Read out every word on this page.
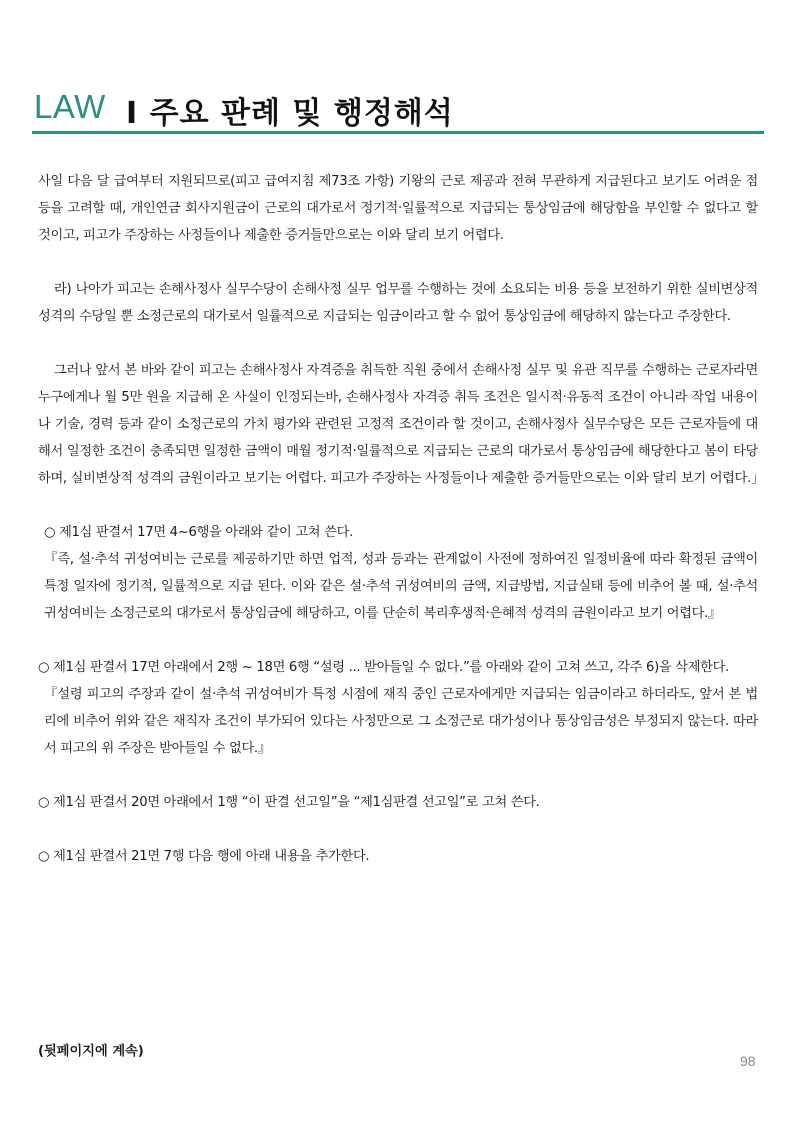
LAW I 주요 판례 및 행정해석

사일 다음 달 급여부터 지원되므로(피고 급여지침 제73조 가항) 기왕의 근로 제공과 전혀 무관하게 지급된다고 보기도 어려운 점 등을 고려할 때, 개인연금 회사지원금이 근로의 대가로서 정기적·일률적으로 지급되는 통상임금에 해당함을 부인할 수 없다고 할 것이고, 피고가 주장하는 사정들이나 제출한 증거들만으로는 이와 달리 보기 어렵다.

라) 나아가 피고는 손해사정사 실무수당이 손해사정 실무 업무를 수행하는 것에 소요되는 비용 등을 보전하기 위한 실비변상적 성격의 수당일 뿐 소정근로의 대가로서 일률적으로 지급되는 임금이라고 할 수 없어 통상임금에 해당하지 않는다고 주장한다.

그러나 앞서 본 바와 같이 피고는 손해사정사 자격증을 취득한 직원 중에서 손해사정 실무 및 유관 직무를 수행하는 근로자라면 누구에게나 월 5만 원을 지급해 온 사실이 인정되는바, 손해사정사 자격증 취득 조건은 일시적·유동적 조건이 아니라 작업 내용이나 기술, 경력 등과 같이 소정근로의 가치 평가와 관련된 고정적 조건이라 할 것이고, 손해사정사 실무수당은 모든 근로자들에 대해서 일정한 조건이 충족되면 일정한 금액이 매월 정기적·일률적으로 지급되는 근로의 대가로서 통상임금에 해당한다고 봄이 타당하며, 실비변상적 성격의 금원이라고 보기는 어렵다. 피고가 주장하는 사정들이나 제출한 증거들만으로는 이와 달리 보기 어렵다.」

○ 제1심 판결서 17면 4~6행을 아래와 같이 고쳐 쓴다.

『즉, 설·추석 귀성여비는 근로를 제공하기만 하면 업적, 성과 등과는 관계없이 사전에 정하여진 일정비율에 따라 확정된 금액이 특정 일자에 정기적, 일률적으로 지급 된다. 이와 같은 설·추석 귀성여비의 금액, 지급방법, 지급실태 등에 비추어 볼 때, 설·추석 귀성여비는 소정근로의 대가로서 통상임금에 해당하고, 이를 단순히 복리후생적·은혜적 성격의 금원이라고 보기 어렵다.』

○ 제1심 판결서 17면 아래에서 2행 ~ 18면 6행 “설령 ... 받아들일 수 없다.”를 아래와 같이 고쳐 쓰고, 각주 6)을 삭제한다.

『설령 피고의 주장과 같이 설·추석 귀성여비가 특정 시점에 재직 중인 근로자에게만 지급되는 임금이라고 하더라도, 앞서 본 법리에 비추어 위와 같은 재직자 조건이 부가되어 있다는 사정만으로 그 소정근로 대가성이나 통상임금성은 부정되지 않는다. 따라서 피고의 위 주장은 받아들일 수 없다.』

○ 제1심 판결서 20면 아래에서 1행 “이 판결 선고일”을 “제1심판결 선고일”로 고쳐 쓴다.

○ 제1심 판결서 21면 7행 다음 행에 아래 내용을 추가한다.

(뒷페이지에 계속)
98
